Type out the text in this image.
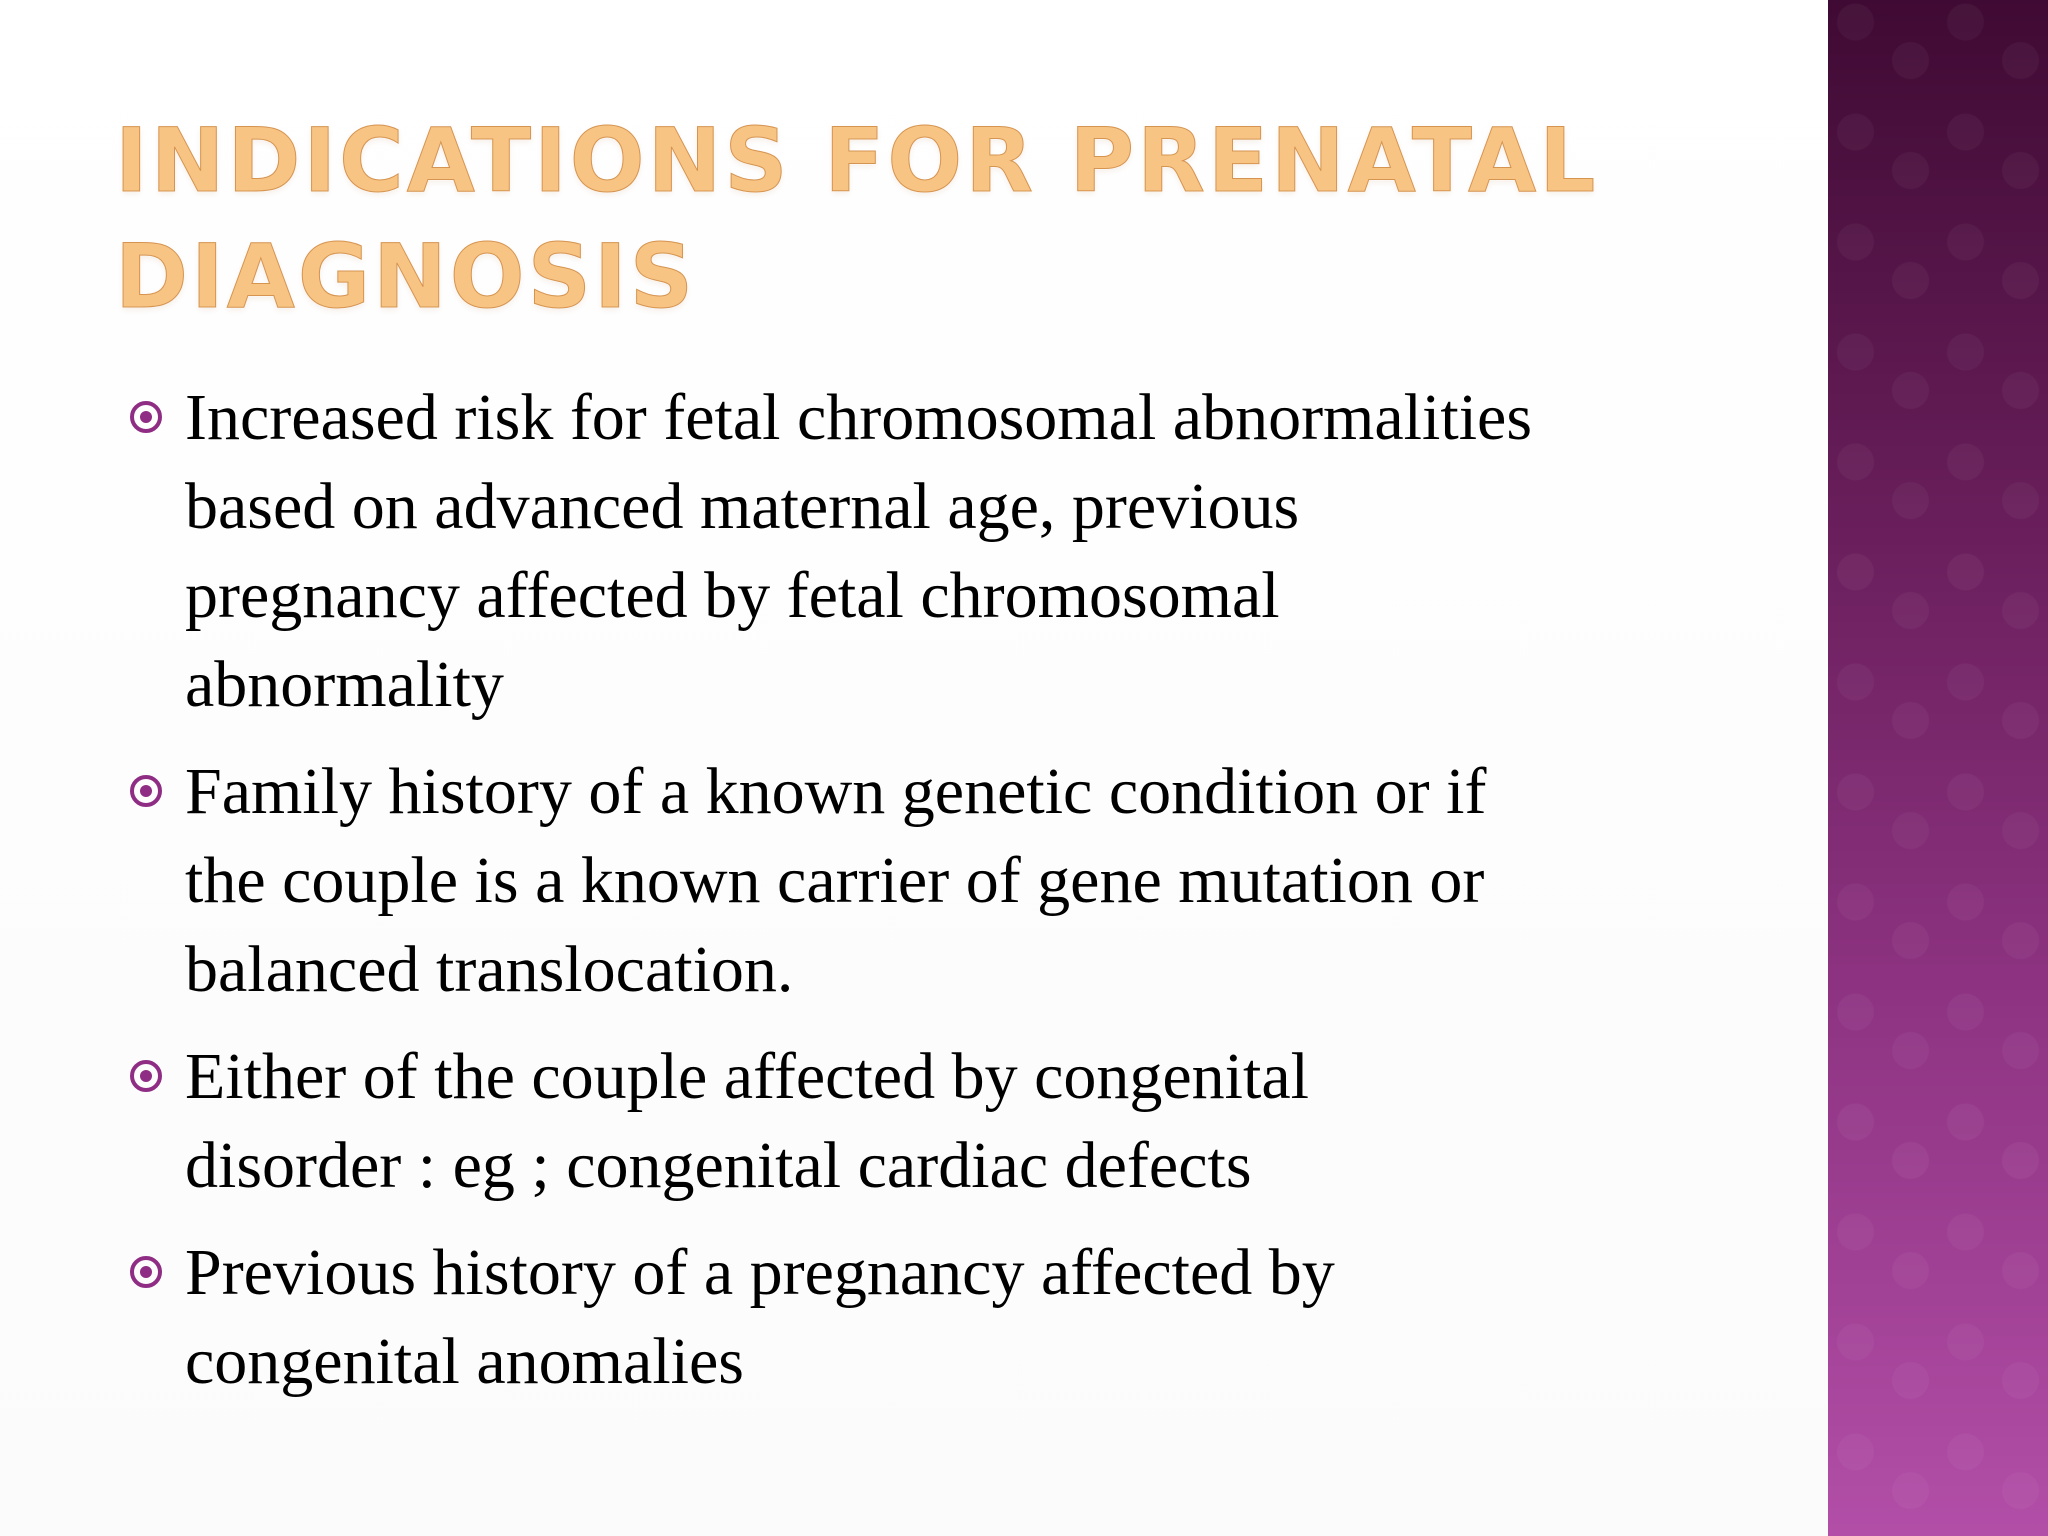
INDICATIONS FOR PRENATAL
DIAGNOSIS
Increased risk for fetal chromosomal abnormalities
based on advanced maternal age, previous
pregnancy affected by fetal chromosomal
abnormality
Family history of a known genetic condition or if
the couple is a known carrier of gene mutation or
balanced translocation.
Either of the couple affected by congenital
disorder : eg ; congenital cardiac defects
Previous history of a pregnancy affected by
congenital anomalies
